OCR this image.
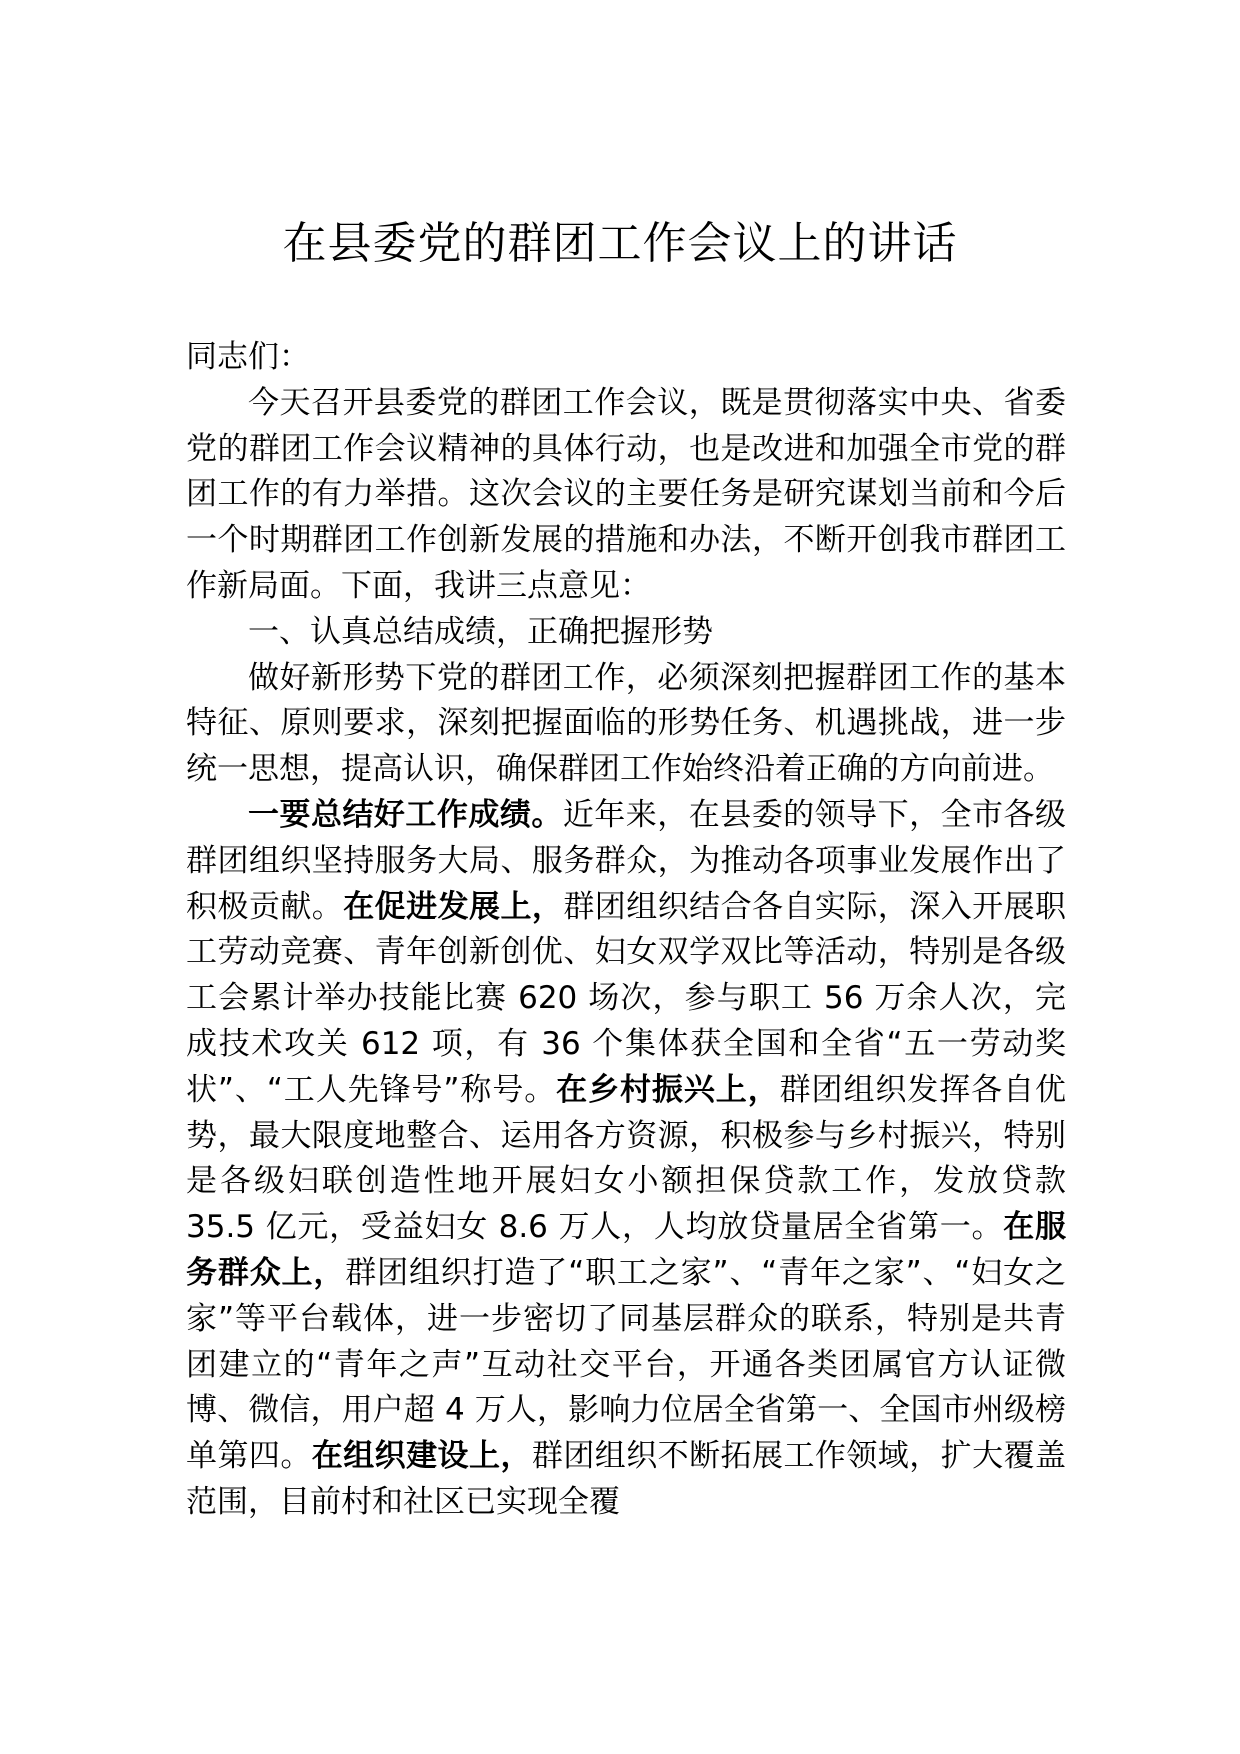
在县委党的群团工作会议上的讲话

同志们：

今天召开县委党的群团工作会议，既是贯彻落实中央、省委党的群团工作会议精神的具体行动，也是改进和加强全市党的群团工作的有力举措。这次会议的主要任务是研究谋划当前和今后一个时期群团工作创新发展的措施和办法，不断开创我市群团工作新局面。下面，我讲三点意见：

一、认真总结成绩，正确把握形势

做好新形势下党的群团工作，必须深刻把握群团工作的基本特征、原则要求，深刻把握面临的形势任务、机遇挑战，进一步统一思想，提高认识，确保群团工作始终沿着正确的方向前进。

一要总结好工作成绩。近年来，在县委的领导下，全市各级群团组织坚持服务大局、服务群众，为推动各项事业发展作出了积极贡献。在促进发展上，群团组织结合各自实际，深入开展职工劳动竞赛、青年创新创优、妇女双学双比等活动，特别是各级工会累计举办技能比赛 620 场次，参与职工 56 万余人次，完成技术攻关 612 项，有 36 个集体获全国和全省“五一劳动奖状”、“工人先锋号”称号。在乡村振兴上，群团组织发挥各自优势，最大限度地整合、运用各方资源，积极参与乡村振兴，特别是各级妇联创造性地开展妇女小额担保贷款工作，发放贷款 35.5 亿元，受益妇女 8.6 万人，人均放贷量居全省第一。在服务群众上，群团组织打造了“职工之家”、“青年之家”、“妇女之家”等平台载体，进一步密切了同基层群众的联系，特别是共青团建立的“青年之声”互动社交平台，开通各类团属官方认证微博、微信，用户超 4 万人，影响力位居全省第一、全国市州级榜单第四。在组织建设上，群团组织不断拓展工作领域，扩大覆盖范围，目前村和社区已实现全覆
